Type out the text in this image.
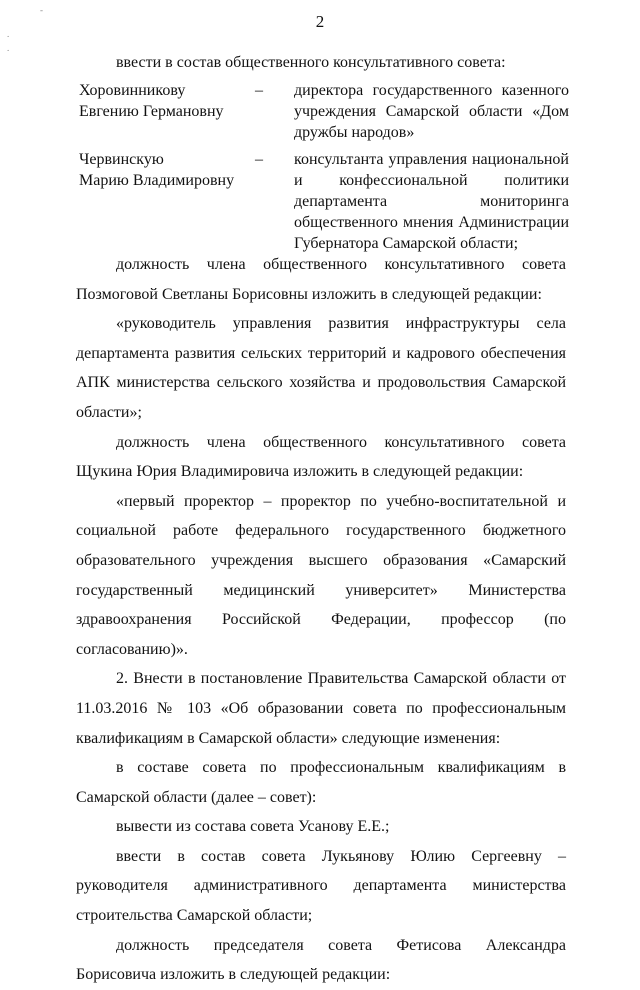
-
.
.
2
ввести в состав общественного консультативного совета:
Хоровинникову
Евгению Германовну
–	директора государственного казенного учреждения Самарской области «Дом дружбы народов»
Червинскую
Марию Владимировну
–	консультанта управления национальной и конфессиональной политики департамента мониторинга общественного мнения Администрации Губернатора Самарской области;

должность члена общественного консультативного совета Позмоговой Светланы Борисовны изложить в следующей редакции:

«руководитель управления развития инфраструктуры села департамента развития сельских территорий и кадрового обеспечения АПК министерства сельского хозяйства и продовольствия Самарской области»;

должность члена общественного консультативного совета Щукина Юрия Владимировича изложить в следующей редакции:

«первый проректор – проректор по учебно-воспитательной и социальной работе федерального государственного бюджетного образовательного учреждения высшего образования «Самарский государственный медицинский университет» Министерства здравоохранения Российской Федерации, профессор (по согласованию)».

2. Внести в постановление Правительства Самарской области от 11.03.2016 № 103 «Об образовании совета по профессиональным квалификациям в Самарской области» следующие изменения:

в составе совета по профессиональным квалификациям в Самарской области (далее – совет):

вывести из состава совета Усанову Е.Е.;

ввести в состав совета Лукьянову Юлию Сергеевну – руководителя административного департамента министерства строительства Самарской области;

должность председателя совета Фетисова Александра Борисовича изложить в следующей редакции:
